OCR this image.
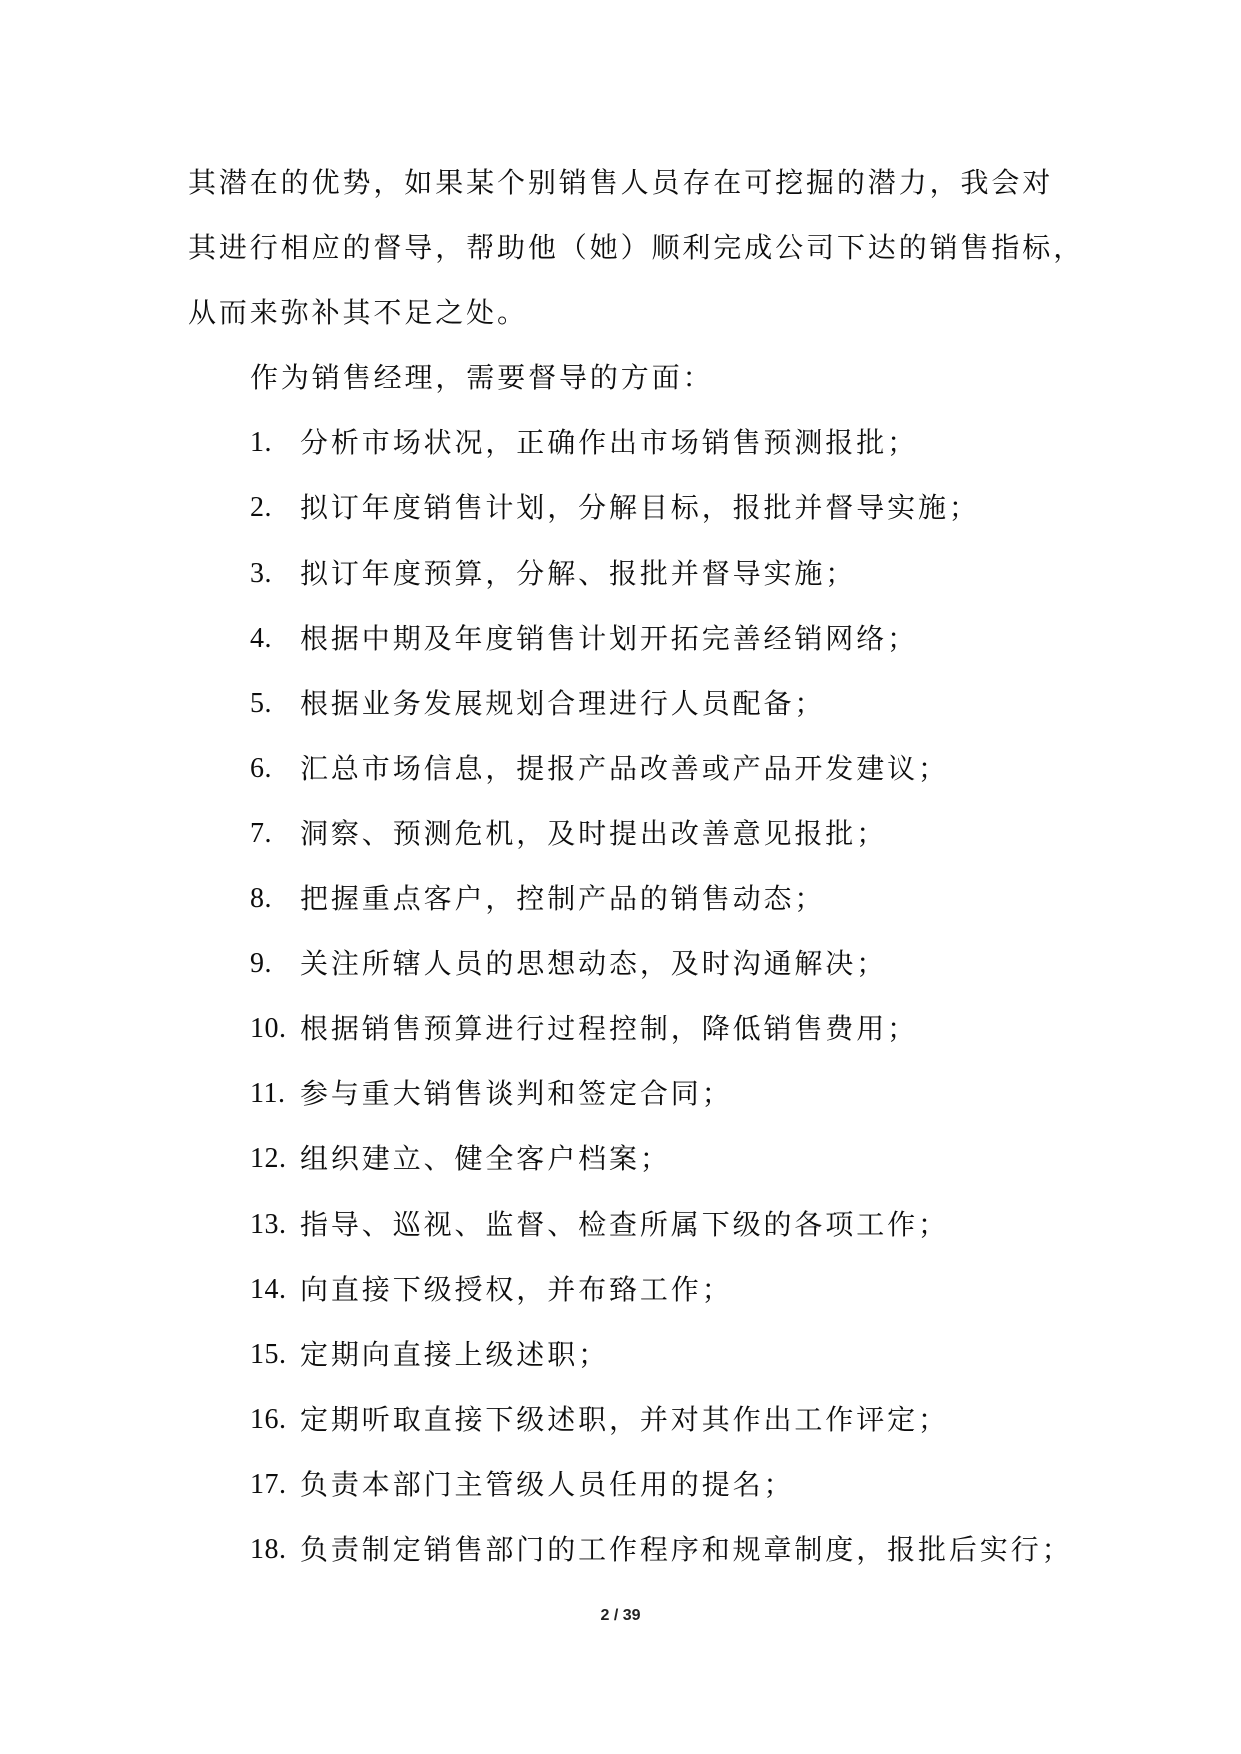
其潜在的优势，如果某个别销售人员存在可挖掘的潜力，我会对
其进行相应的督导，帮助他（她）顺利完成公司下达的销售指标，
从而来弥补其不足之处。
作为销售经理，需要督导的方面：
1. 分析市场状况，正确作出市场销售预测报批；
2. 拟订年度销售计划，分解目标，报批并督导实施；
3. 拟订年度预算，分解、报批并督导实施；
4. 根据中期及年度销售计划开拓完善经销网络；
5. 根据业务发展规划合理进行人员配备；
6. 汇总市场信息，提报产品改善或产品开发建议；
7. 洞察、预测危机，及时提出改善意见报批；
8. 把握重点客户，控制产品的销售动态；
9. 关注所辖人员的思想动态，及时沟通解决；
10. 根据销售预算进行过程控制，降低销售费用；
11. 参与重大销售谈判和签定合同；
12. 组织建立、健全客户档案；
13. 指导、巡视、监督、检查所属下级的各项工作；
14. 向直接下级授权，并布臵工作；
15. 定期向直接上级述职；
16. 定期听取直接下级述职，并对其作出工作评定；
17. 负责本部门主管级人员任用的提名；
18. 负责制定销售部门的工作程序和规章制度，报批后实行；
2 / 39
